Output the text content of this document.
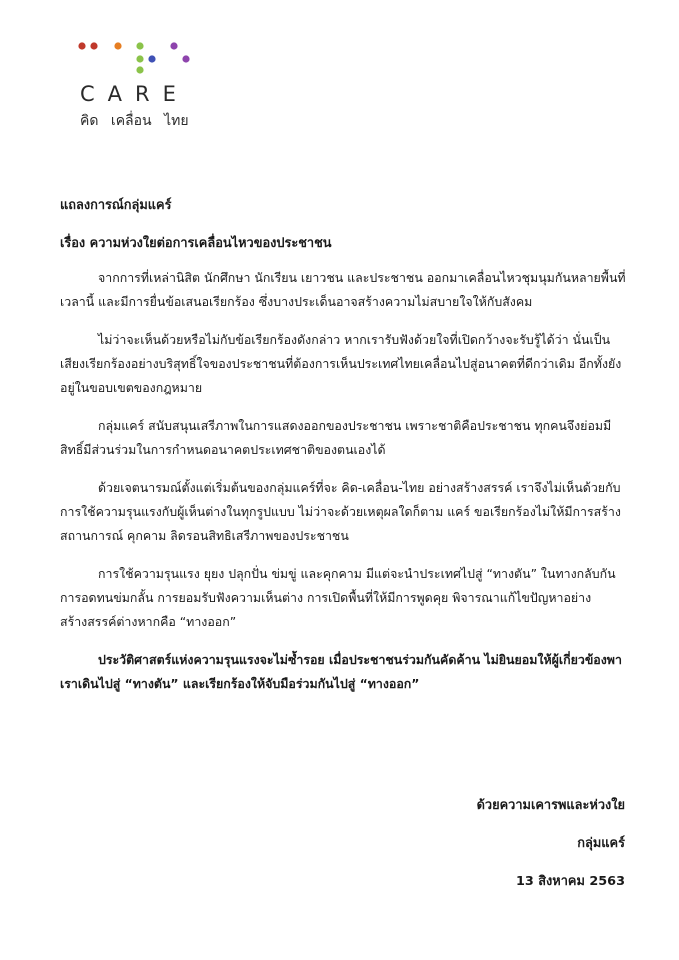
CARE
คิด เคลื่อน ไทย

แถลงการณ์กลุ่มแคร์

เรื่อง ความห่วงใยต่อการเคลื่อนไหวของประชาชน

จากการที่เหล่านิสิต นักศึกษา นักเรียน เยาวชน และประชาชน ออกมาเคลื่อนไหวชุมนุมกันหลายพื้นที่เวลานี้ และมีการยื่นข้อเสนอเรียกร้อง ซึ่งบางประเด็นอาจสร้างความไม่สบายใจให้กับสังคม

ไม่ว่าจะเห็นด้วยหรือไม่กับข้อเรียกร้องดังกล่าว หากเรารับฟังด้วยใจที่เปิดกว้างจะรับรู้ได้ว่า นั่นเป็นเสียงเรียกร้องอย่างบริสุทธิ์ใจของประชาชนที่ต้องการเห็นประเทศไทยเคลื่อนไปสู่อนาคตที่ดีกว่าเดิม อีกทั้งยังอยู่ในขอบเขตของกฎหมาย

กลุ่มแคร์ สนับสนุนเสรีภาพในการแสดงออกของประชาชน เพราะชาติคือประชาชน ทุกคนจึงย่อมมีสิทธิ์มีส่วนร่วมในการกำหนดอนาคตประเทศชาติของตนเองได้

ด้วยเจตนารมณ์ตั้งแต่เริ่มต้นของกลุ่มแคร์ที่จะ คิด-เคลื่อน-ไทย อย่างสร้างสรรค์ เราจึงไม่เห็นด้วยกับการใช้ความรุนแรงกับผู้เห็นต่างในทุกรูปแบบ ไม่ว่าจะด้วยเหตุผลใดก็ตาม แคร์ ขอเรียกร้องไม่ให้มีการสร้างสถานการณ์ คุกคาม ลิดรอนสิทธิเสรีภาพของประชาชน

การใช้ความรุนแรง ยุยง ปลุกปั่น ข่มขู่ และคุกคาม มีแต่จะนำประเทศไปสู่ “ทางตัน” ในทางกลับกัน การอดทนข่มกลั้น การยอมรับฟังความเห็นต่าง การเปิดพื้นที่ให้มีการพูดคุย พิจารณาแก้ไขปัญหาอย่างสร้างสรรค์ต่างหากคือ “ทางออก”

ประวัติศาสตร์แห่งความรุนแรงจะไม่ซ้ำรอย เมื่อประชาชนร่วมกันคัดค้าน ไม่ยินยอมให้ผู้เกี่ยวข้องพาเราเดินไปสู่ “ทางตัน” และเรียกร้องให้จับมือร่วมกันไปสู่ “ทางออก”

ด้วยความเคารพและห่วงใย
กลุ่มแคร์
13 สิงหาคม 2563
